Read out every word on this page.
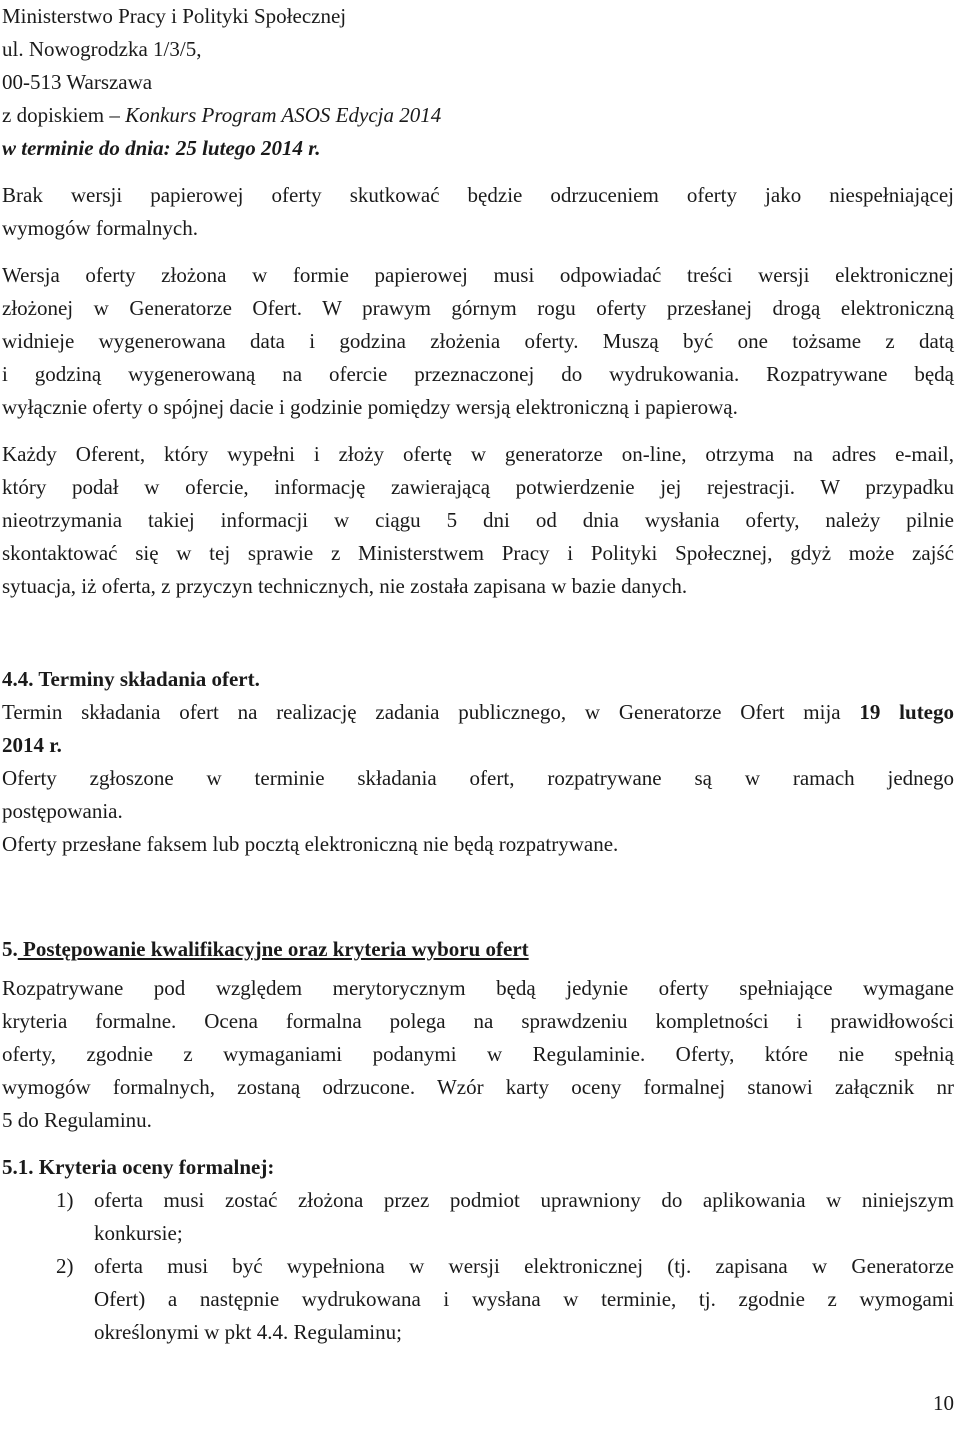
Ministerstwo Pracy i Polityki Społecznej
ul. Nowogrodzka 1/3/5,
00-513 Warszawa
z dopiskiem – Konkurs Program ASOS Edycja 2014
w terminie do dnia: 25 lutego 2014 r.
Brak wersji papierowej oferty skutkować będzie odrzuceniem oferty jako niespełniającej
wymogów formalnych.
Wersja oferty złożona w formie papierowej musi odpowiadać treści wersji elektronicznej
złożonej w Generatorze Ofert. W prawym górnym rogu oferty przesłanej drogą elektroniczną
widnieje wygenerowana data i godzina złożenia oferty. Muszą być one tożsame z datą
i godziną wygenerowaną na ofercie przeznaczonej do wydrukowania. Rozpatrywane będą
wyłącznie oferty o spójnej dacie i godzinie pomiędzy wersją elektroniczną i papierową.
Każdy Oferent, który wypełni i złoży ofertę w generatorze on-line, otrzyma na adres e-mail,
który podał w ofercie, informację zawierającą potwierdzenie jej rejestracji. W przypadku
nieotrzymania takiej informacji w ciągu 5 dni od dnia wysłania oferty, należy pilnie
skontaktować się w tej sprawie z Ministerstwem Pracy i Polityki Społecznej, gdyż może zajść
sytuacja, iż oferta, z przyczyn technicznych, nie została zapisana w bazie danych.
4.4. Terminy składania ofert.
Termin składania ofert na realizację zadania publicznego, w Generatorze Ofert mija 19 lutego
2014 r.
Oferty zgłoszone w terminie składania ofert, rozpatrywane są w ramach jednego
postępowania.
Oferty przesłane faksem lub pocztą elektroniczną nie będą rozpatrywane.
5. Postępowanie kwalifikacyjne oraz kryteria wyboru ofert
Rozpatrywane pod względem merytorycznym będą jedynie oferty spełniające wymagane
kryteria formalne. Ocena formalna polega na sprawdzeniu kompletności i prawidłowości
oferty, zgodnie z wymaganiami podanymi w Regulaminie. Oferty, które nie spełnią
wymogów formalnych, zostaną odrzucone. Wzór karty oceny formalnej stanowi załącznik nr
5 do Regulaminu.
5.1. Kryteria oceny formalnej:
1) oferta musi zostać złożona przez podmiot uprawniony do aplikowania w niniejszym
konkursie;
2) oferta musi być wypełniona w wersji elektronicznej (tj. zapisana w Generatorze
Ofert) a następnie wydrukowana i wysłana w terminie, tj. zgodnie z wymogami
określonymi w pkt 4.4. Regulaminu;
10
